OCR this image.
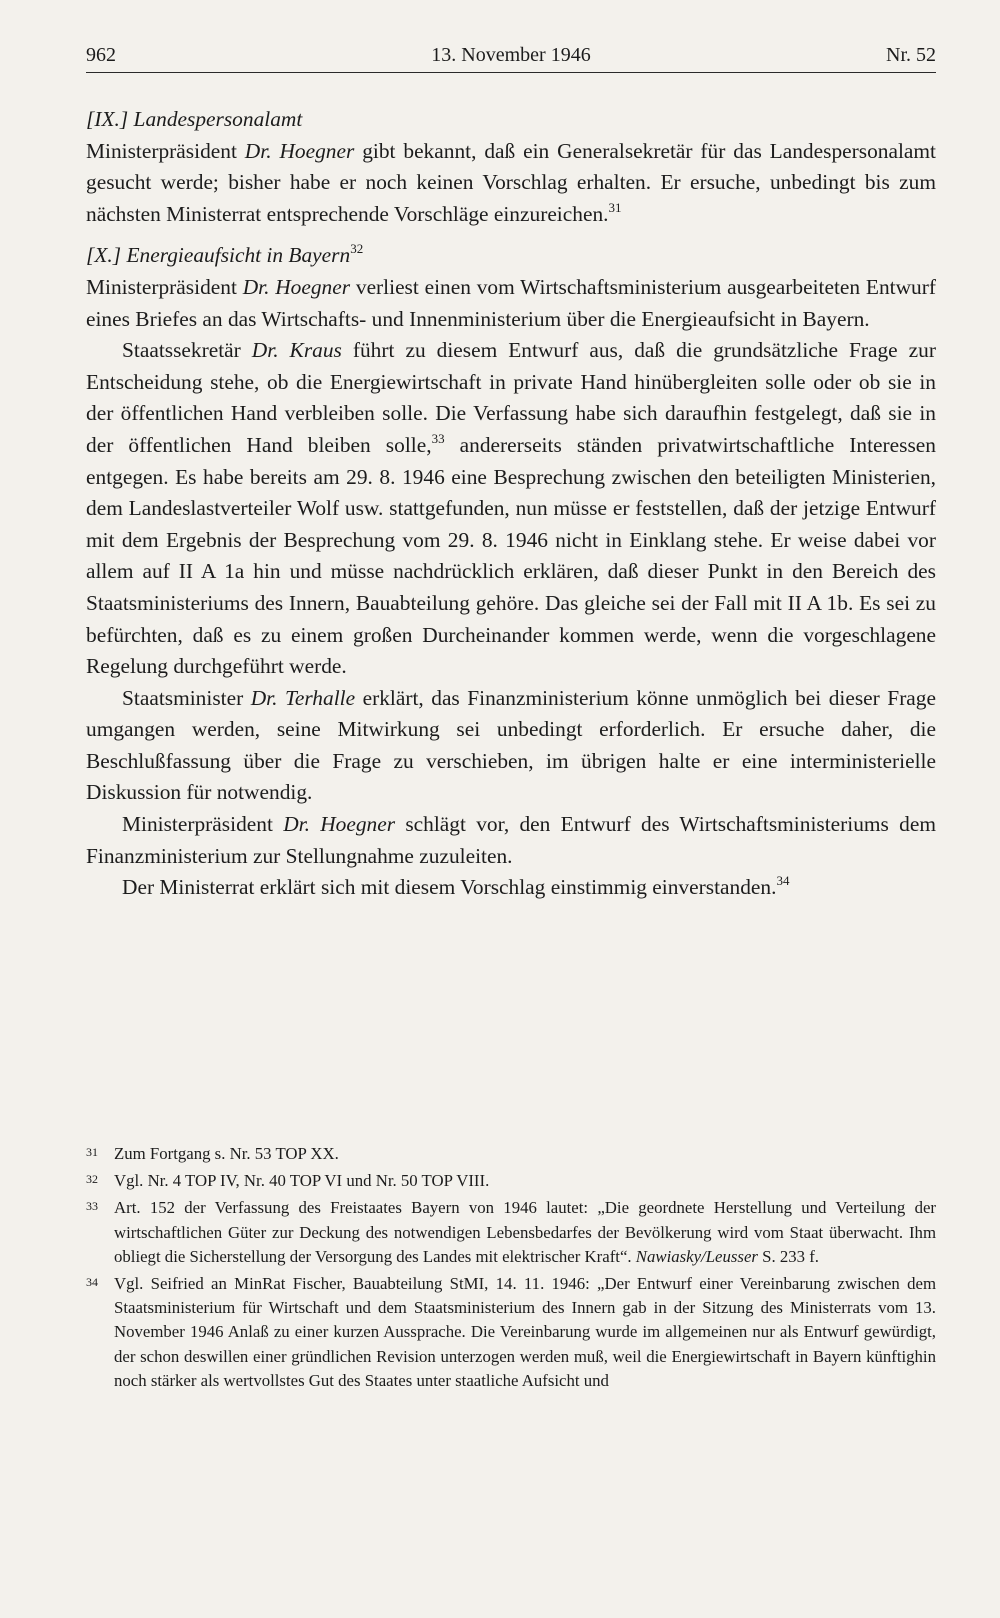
962	13. November 1946	Nr. 52

[IX.] Landespersonalamt

Ministerpräsident Dr. Hoegner gibt bekannt, daß ein Generalsekretär für das Landespersonalamt gesucht werde; bisher habe er noch keinen Vorschlag erhalten. Er ersuche, unbedingt bis zum nächsten Ministerrat entsprechende Vorschläge einzureichen.$^{31}$

[X.] Energieaufsicht in Bayern$^{32}$

Ministerpräsident Dr. Hoegner verliest einen vom Wirtschaftsministerium ausgearbeiteten Entwurf eines Briefes an das Wirtschafts- und Innenministerium über die Energieaufsicht in Bayern.

Staatssekretär Dr. Kraus führt zu diesem Entwurf aus, daß die grundsätzliche Frage zur Entscheidung stehe, ob die Energiewirtschaft in private Hand hinübergleiten solle oder ob sie in der öffentlichen Hand verbleiben solle. Die Verfassung habe sich daraufhin festgelegt, daß sie in der öffentlichen Hand bleiben solle,$^{33}$ andererseits ständen privatwirtschaftliche Interessen entgegen. Es habe bereits am 29. 8. 1946 eine Besprechung zwischen den beteiligten Ministerien, dem Landeslastverteiler Wolf usw. stattgefunden, nun müsse er feststellen, daß der jetzige Entwurf mit dem Ergebnis der Besprechung vom 29. 8. 1946 nicht in Einklang stehe. Er weise dabei vor allem auf II A 1a hin und müsse nachdrücklich erklären, daß dieser Punkt in den Bereich des Staatsministeriums des Innern, Bauabteilung gehöre. Das gleiche sei der Fall mit II A 1b. Es sei zu befürchten, daß es zu einem großen Durcheinander kommen werde, wenn die vorgeschlagene Regelung durchgeführt werde.

Staatsminister Dr. Terhalle erklärt, das Finanzministerium könne unmöglich bei dieser Frage umgangen werden, seine Mitwirkung sei unbedingt erforderlich. Er ersuche daher, die Beschlußfassung über die Frage zu verschieben, im übrigen halte er eine interministerielle Diskussion für notwendig.

Ministerpräsident Dr. Hoegner schlägt vor, den Entwurf des Wirtschaftsministeriums dem Finanzministerium zur Stellungnahme zuzuleiten.

Der Ministerrat erklärt sich mit diesem Vorschlag einstimmig einverstanden.$^{34}$

31 Zum Fortgang s. Nr. 53 TOP XX.
32 Vgl. Nr. 4 TOP IV, Nr. 40 TOP VI und Nr. 50 TOP VIII.
33 Art. 152 der Verfassung des Freistaates Bayern von 1946 lautet: „Die geordnete Herstellung und Verteilung der wirtschaftlichen Güter zur Deckung des notwendigen Lebensbedarfes der Bevölkerung wird vom Staat überwacht. Ihm obliegt die Sicherstellung der Versorgung des Landes mit elektrischer Kraft“. Nawiasky/Leusser S. 233 f.
34 Vgl. Seifried an MinRat Fischer, Bauabteilung StMI, 14. 11. 1946: „Der Entwurf einer Vereinbarung zwischen dem Staatsministerium für Wirtschaft und dem Staatsministerium des Innern gab in der Sitzung des Ministerrats vom 13. November 1946 Anlaß zu einer kurzen Aussprache. Die Vereinbarung wurde im allgemeinen nur als Entwurf gewürdigt, der schon deswillen einer gründlichen Revision unterzogen werden muß, weil die Energiewirtschaft in Bayern künftighin noch stärker als wertvollstes Gut des Staates unter staatliche Aufsicht und
